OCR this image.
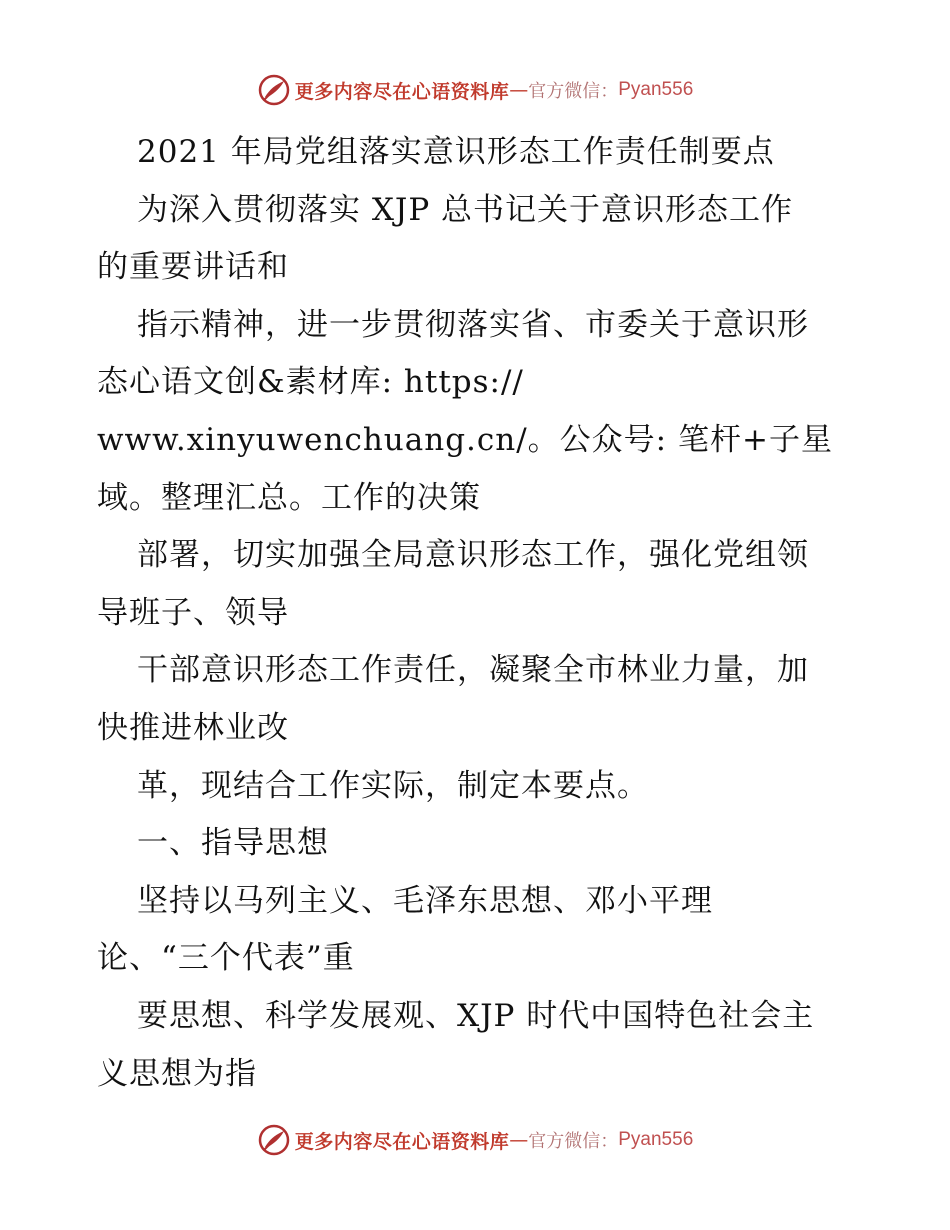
更多内容尽在心语资料库 — 官方微信： Pyan556
2021 年局党组落实意识形态工作责任制要点
为深入贯彻落实 XJP 总书记关于意识形态工作
的重要讲话和
指示精神，进一步贯彻落实省、市委关于意识形
态心语文创&素材库: https://
www.xinyuwenchuang.cn/。公众号: 笔杆+子星
域。整理汇总。工作的决策
部署，切实加强全局意识形态工作，强化党组领
导班子、领导
干部意识形态工作责任，凝聚全市林业力量，加
快推进林业改
革，现结合工作实际，制定本要点。
一、指导思想
坚持以马列主义、毛泽东思想、邓小平理
论、“三个代表”重
要思想、科学发展观、XJP 时代中国特色社会主
义思想为指
更多内容尽在心语资料库 — 官方微信： Pyan556
